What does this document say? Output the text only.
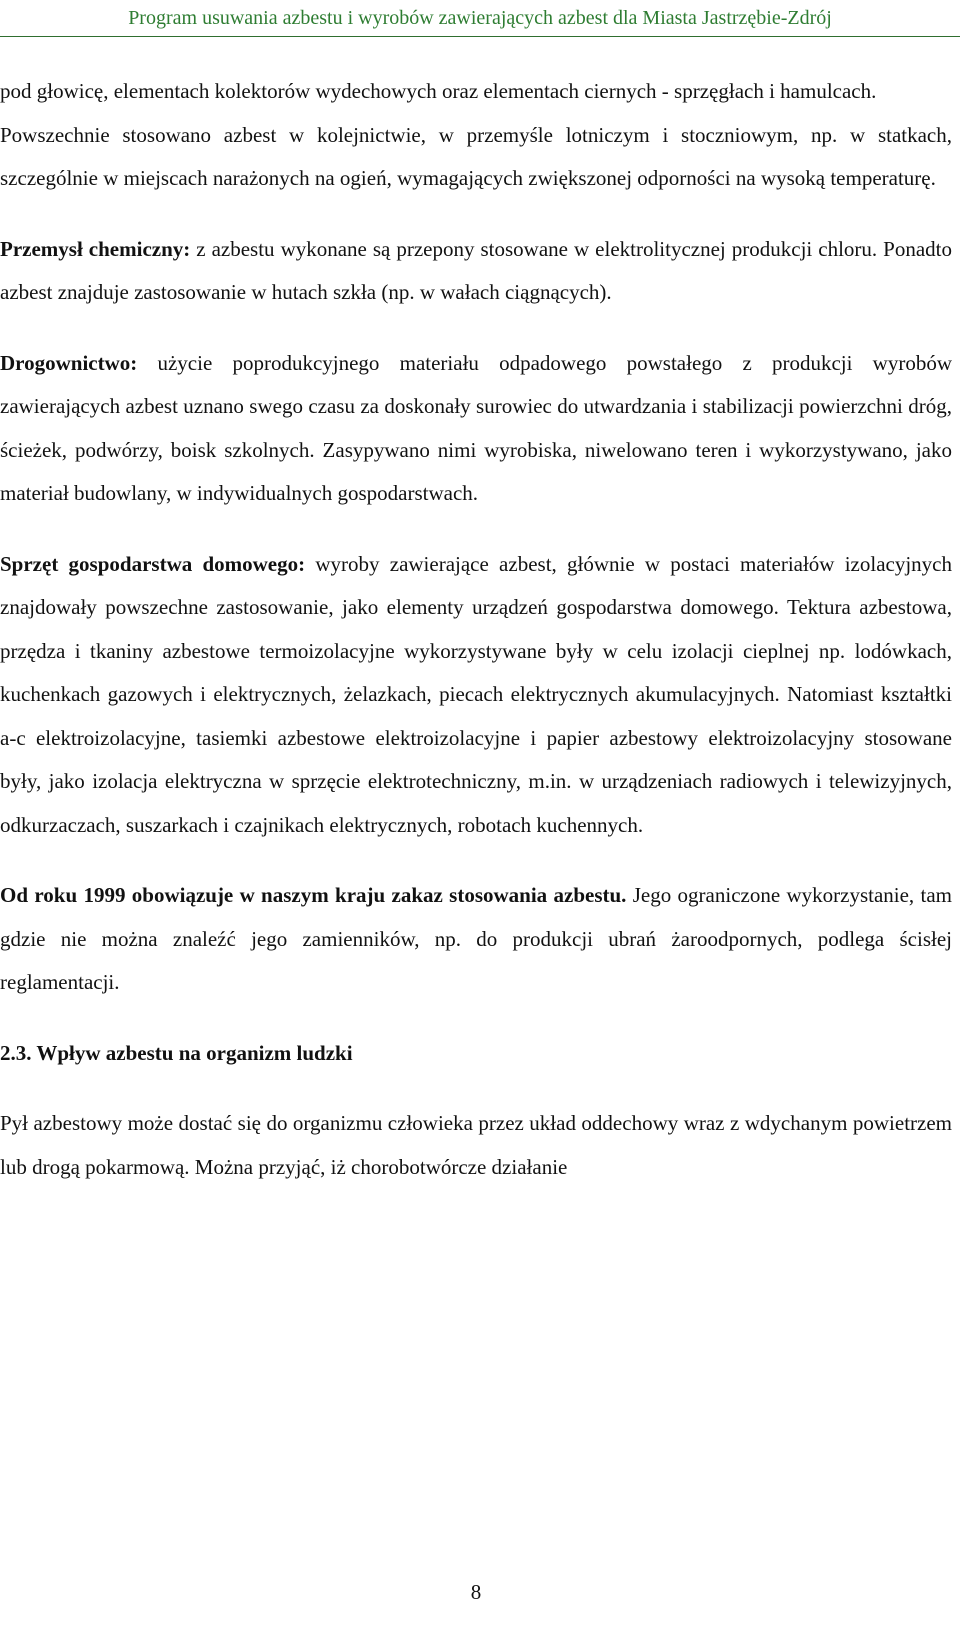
Program usuwania azbestu i wyrobów zawierających azbest dla Miasta Jastrzębie-Zdrój

pod głowicę, elementach kolektorów wydechowych oraz elementach ciernych - sprzęgłach i hamulcach.

Powszechnie stosowano azbest w kolejnictwie, w przemyśle lotniczym i stoczniowym, np. w statkach, szczególnie w miejscach narażonych na ogień, wymagających zwiększonej odporności na wysoką temperaturę.

Przemysł chemiczny: z azbestu wykonane są przepony stosowane w elektrolitycznej produkcji chloru. Ponadto azbest znajduje zastosowanie w hutach szkła (np. w wałach ciągnących).

Drogownictwo: użycie poprodukcyjnego materiału odpadowego powstałego z produkcji wyrobów zawierających azbest uznano swego czasu za doskonały surowiec do utwardzania i stabilizacji powierzchni dróg, ścieżek, podwórzy, boisk szkolnych. Zasypywano nimi wyrobiska, niwelowano teren i wykorzystywano, jako materiał budowlany, w indywidualnych gospodarstwach.

Sprzęt gospodarstwa domowego: wyroby zawierające azbest, głównie w postaci materiałów izolacyjnych znajdowały powszechne zastosowanie, jako elementy urządzeń gospodarstwa domowego. Tektura azbestowa, przędza i tkaniny azbestowe termoizolacyjne wykorzystywane były w celu izolacji cieplnej np. lodówkach, kuchenkach gazowych i elektrycznych, żelazkach, piecach elektrycznych akumulacyjnych. Natomiast kształtki a-c elektroizolacyjne, tasiemki azbestowe elektroizolacyjne i papier azbestowy elektroizolacyjny stosowane były, jako izolacja elektryczna w sprzęcie elektrotechniczny, m.in. w urządzeniach radiowych i telewizyjnych, odkurzaczach, suszarkach i czajnikach elektrycznych, robotach kuchennych.

Od roku 1999 obowiązuje w naszym kraju zakaz stosowania azbestu. Jego ograniczone wykorzystanie, tam gdzie nie można znaleźć jego zamienników, np. do produkcji ubrań żaroodpornych, podlega ścisłej reglamentacji.

2.3. Wpływ azbestu na organizm ludzki

Pył azbestowy może dostać się do organizmu człowieka przez układ oddechowy wraz z wdychanym powietrzem lub drogą pokarmową. Można przyjąć, iż chorobotwórcze działanie

8
